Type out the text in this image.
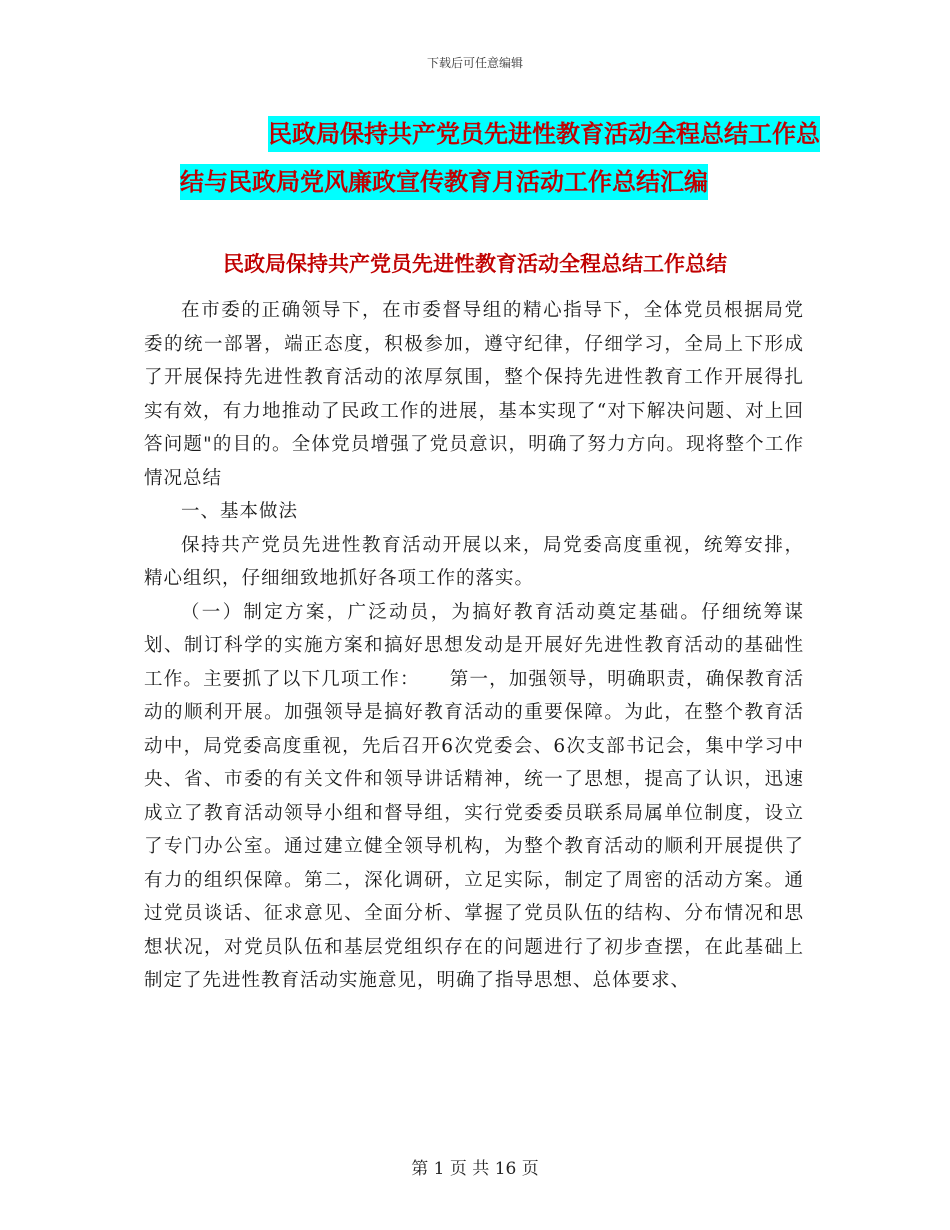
下载后可任意编辑
民政局保持共产党员先进性教育活动全程总结工作总
结与民政局党风廉政宣传教育月活动工作总结汇编
民政局保持共产党员先进性教育活动全程总结工作总结

在市委的正确领导下，在市委督导组的精心指导下，全体党员根据局党委的统一部署，端正态度，积极参加，遵守纪律，仔细学习，全局上下形成了开展保持先进性教育活动的浓厚氛围，整个保持先进性教育工作开展得扎实有效，有力地推动了民政工作的进展，基本实现了“对下解决问题、对上回答问题"的目的。全体党员增强了党员意识，明确了努力方向。现将整个工作情况总结

一、基本做法

保持共产党员先进性教育活动开展以来，局党委高度重视，统筹安排，精心组织，仔细细致地抓好各项工作的落实。

（一）制定方案，广泛动员，为搞好教育活动奠定基础。仔细统筹谋划、制订科学的实施方案和搞好思想发动是开展好先进性教育活动的基础性工作。主要抓了以下几项工作：　　第一，加强领导，明确职责，确保教育活动的顺利开展。加强领导是搞好教育活动的重要保障。为此，在整个教育活动中，局党委高度重视，先后召开6次党委会、6次支部书记会，集中学习中央、省、市委的有关文件和领导讲话精神，统一了思想，提高了认识，迅速成立了教育活动领导小组和督导组，实行党委委员联系局属单位制度，设立了专门办公室。通过建立健全领导机构，为整个教育活动的顺利开展提供了有力的组织保障。第二，深化调研，立足实际，制定了周密的活动方案。通过党员谈话、征求意见、全面分析、掌握了党员队伍的结构、分布情况和思想状况，对党员队伍和基层党组织存在的问题进行了初步查摆，在此基础上制定了先进性教育活动实施意见，明确了指导思想、总体要求、

第 1 页 共 16 页
